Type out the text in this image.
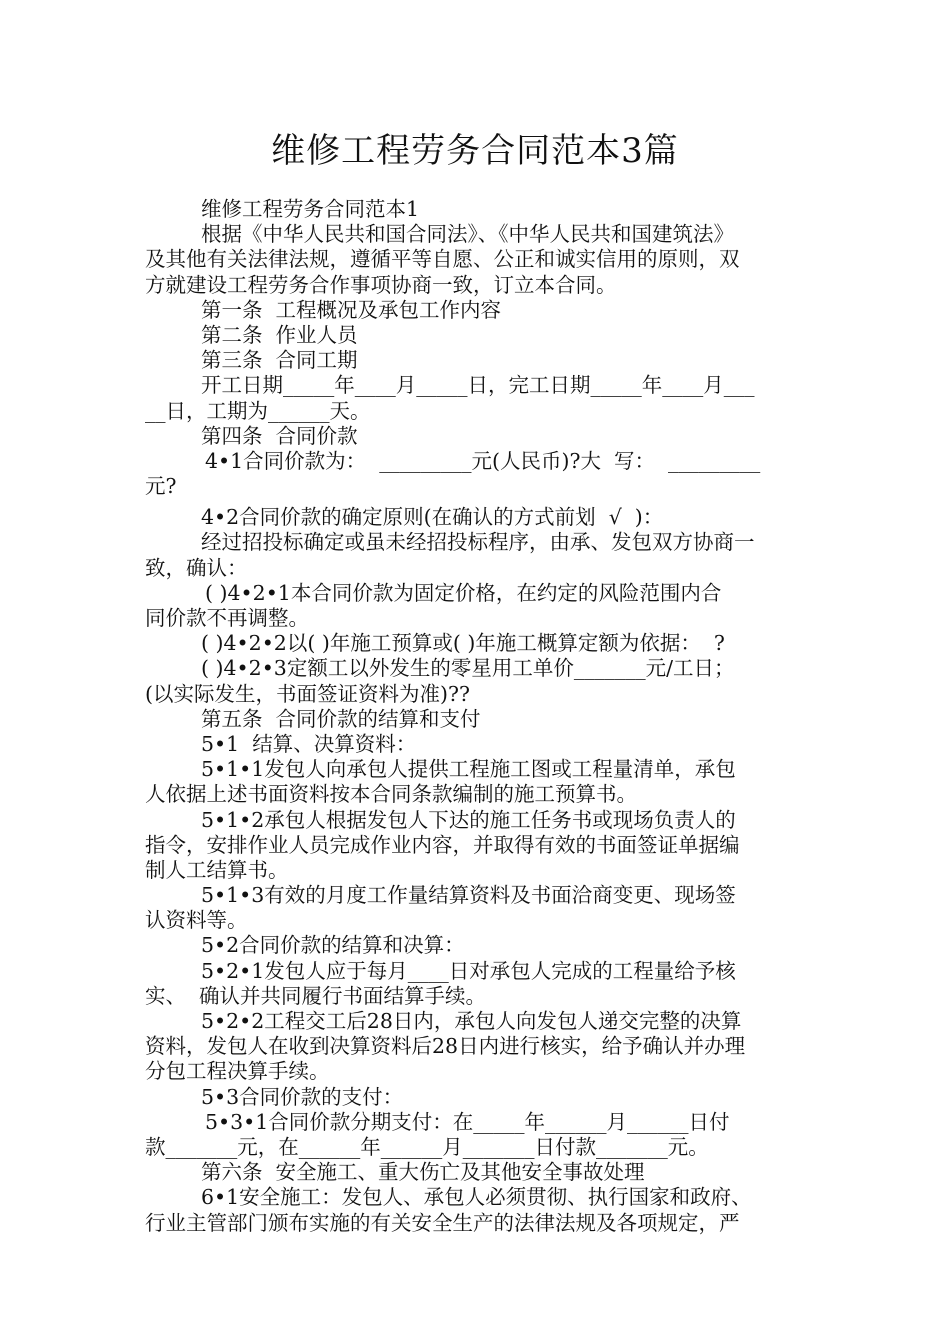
维修工程劳务合同范本3篇
维修工程劳务合同范本1
根据《中华人民共和国合同法》、《中华人民共和国建筑法》
及其他有关法律法规，遵循平等自愿、公正和诚实信用的原则，双
方就建设工程劳务合作事项协商一致，订立本合同。
第一条  工程概况及承包工作内容
第二条  作业人员
第三条  合同工期
开工日期_____年____月_____日，完工日期_____年____月___
__日，工期为______天。
第四条  合同价款
4•1合同价款为：  _________元(人民币)?大  写：  _________
元?
4•2合同价款的确定原则(在确认的方式前划  √  )：
经过招投标确定或虽未经招投标程序，由承、发包双方协商一
致，确认：
( )4•2•1本合同价款为固定价格，在约定的风险范围内合
同价款不再调整。
( )4•2•2以( )年施工预算或( )年施工概算定额为依据：  ?
( )4•2•3定额工以外发生的零星用工单价_______元/工日；
(以实际发生，书面签证资料为准)??
第五条  合同价款的结算和支付
5•1  结算、决算资料：
5•1•1发包人向承包人提供工程施工图或工程量清单，承包
人依据上述书面资料按本合同条款编制的施工预算书。
5•1•2承包人根据发包人下达的施工任务书或现场负责人的
指令，安排作业人员完成作业内容，并取得有效的书面签证单据编
制人工结算书。
5•1•3有效的月度工作量结算资料及书面洽商变更、现场签
认资料等。
5•2合同价款的结算和决算：
5•2•1发包人应于每月____日对承包人完成的工程量给予核
实、  确认并共同履行书面结算手续。
5•2•2工程交工后28日内，承包人向发包人递交完整的决算
资料，发包人在收到决算资料后28日内进行核实，给予确认并办理
分包工程决算手续。
5•3合同价款的支付：
5•3•1合同价款分期支付：在_____年______月______日付
款_______元，在______年______月_______日付款_______元。
第六条  安全施工、重大伤亡及其他安全事故处理
6•1安全施工：发包人、承包人必须贯彻、执行国家和政府、
行业主管部门颁布实施的有关安全生产的法律法规及各项规定，严
